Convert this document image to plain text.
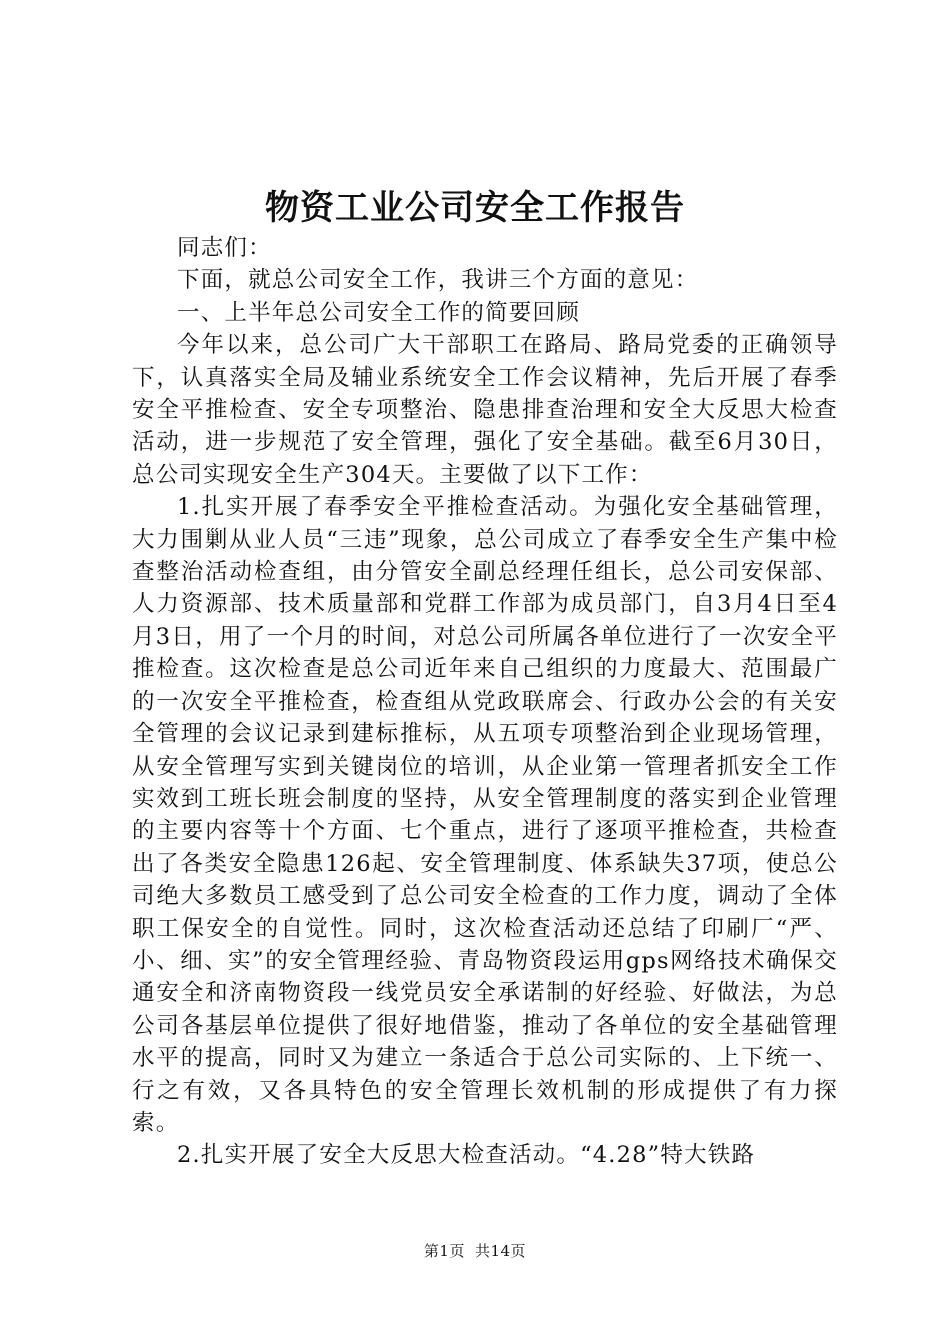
物资工业公司安全工作报告

同志们：

下面，就总公司安全工作，我讲三个方面的意见：

一、上半年总公司安全工作的简要回顾

今年以来，总公司广大干部职工在路局、路局党委的正确领导下，认真落实全局及辅业系统安全工作会议精神，先后开展了春季安全平推检查、安全专项整治、隐患排查治理和安全大反思大检查活动，进一步规范了安全管理，强化了安全基础。截至6月30日，总公司实现安全生产304天。主要做了以下工作：

1.扎实开展了春季安全平推检查活动。为强化安全基础管理，大力围剿从业人员“三违”现象，总公司成立了春季安全生产集中检查整治活动检查组，由分管安全副总经理任组长，总公司安保部、人力资源部、技术质量部和党群工作部为成员部门，自3月4日至4月3日，用了一个月的时间，对总公司所属各单位进行了一次安全平推检查。这次检查是总公司近年来自己组织的力度最大、范围最广的一次安全平推检查，检查组从党政联席会、行政办公会的有关安全管理的会议记录到建标推标，从五项专项整治到企业现场管理，从安全管理写实到关键岗位的培训，从企业第一管理者抓安全工作实效到工班长班会制度的坚持，从安全管理制度的落实到企业管理的主要内容等十个方面、七个重点，进行了逐项平推检查，共检查出了各类安全隐患126起、安全管理制度、体系缺失37项，使总公司绝大多数员工感受到了总公司安全检查的工作力度，调动了全体职工保安全的自觉性。同时，这次检查活动还总结了印刷厂“严、小、细、实”的安全管理经验、青岛物资段运用gps网络技术确保交通安全和济南物资段一线党员安全承诺制的好经验、好做法，为总公司各基层单位提供了很好地借鉴，推动了各单位的安全基础管理水平的提高，同时又为建立一条适合于总公司实际的、上下统一、行之有效，又各具特色的安全管理长效机制的形成提供了有力探索。

2.扎实开展了安全大反思大检查活动。“4.28”特大铁路

第1页 共14页
